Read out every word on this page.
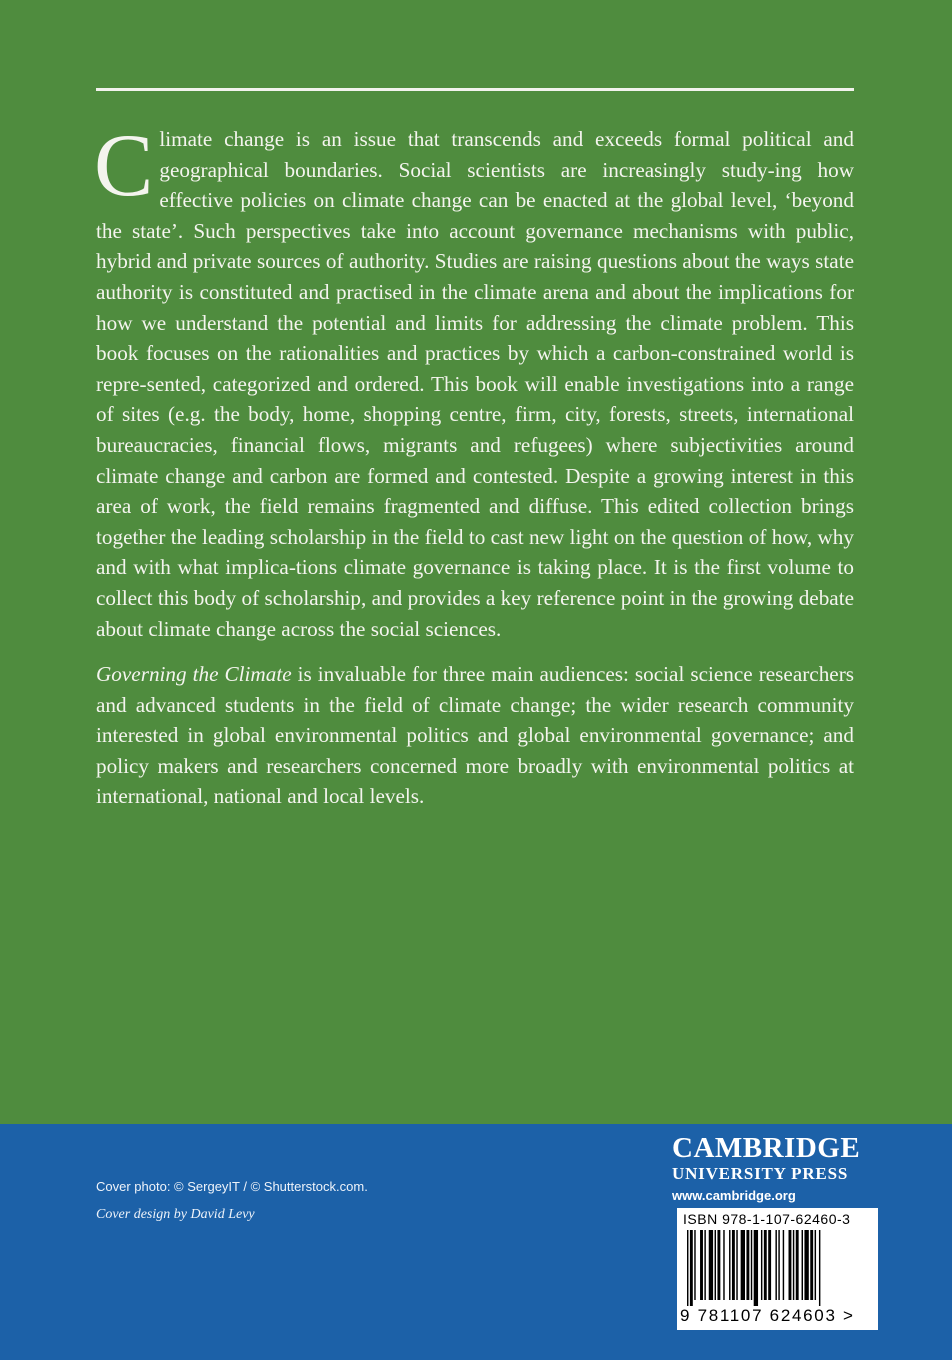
Climate change is an issue that transcends and exceeds formal political and geographical boundaries. Social scientists are increasingly study-ing how effective policies on climate change can be enacted at the global level, ‘beyond the state’. Such perspectives take into account governance mechanisms with public, hybrid and private sources of authority. Studies are raising questions about the ways state authority is constituted and practised in the climate arena and about the implications for how we understand the potential and limits for addressing the climate problem. This book focuses on the rationalities and practices by which a carbon-constrained world is repre-sented, categorized and ordered. This book will enable investigations into a range of sites (e.g. the body, home, shopping centre, firm, city, forests, streets, international bureaucracies, financial flows, migrants and refugees) where subjectivities around climate change and carbon are formed and contested. Despite a growing interest in this area of work, the field remains fragmented and diffuse. This edited collection brings together the leading scholarship in the field to cast new light on the question of how, why and with what implica-tions climate governance is taking place. It is the first volume to collect this body of scholarship, and provides a key reference point in the growing debate about climate change across the social sciences.

Governing the Climate is invaluable for three main audiences: social science researchers and advanced students in the field of climate change; the wider research community interested in global environmental politics and global environmental governance; and policy makers and researchers concerned more broadly with environmental politics at international, national and local levels.

Cover photo: © SergeyIT / © Shutterstock.com.
Cover design by David Levy
CAMBRIDGE
UNIVERSITY PRESS
www.cambridge.org
ISBN 978-1-107-62460-3
9 781107 624603 >
